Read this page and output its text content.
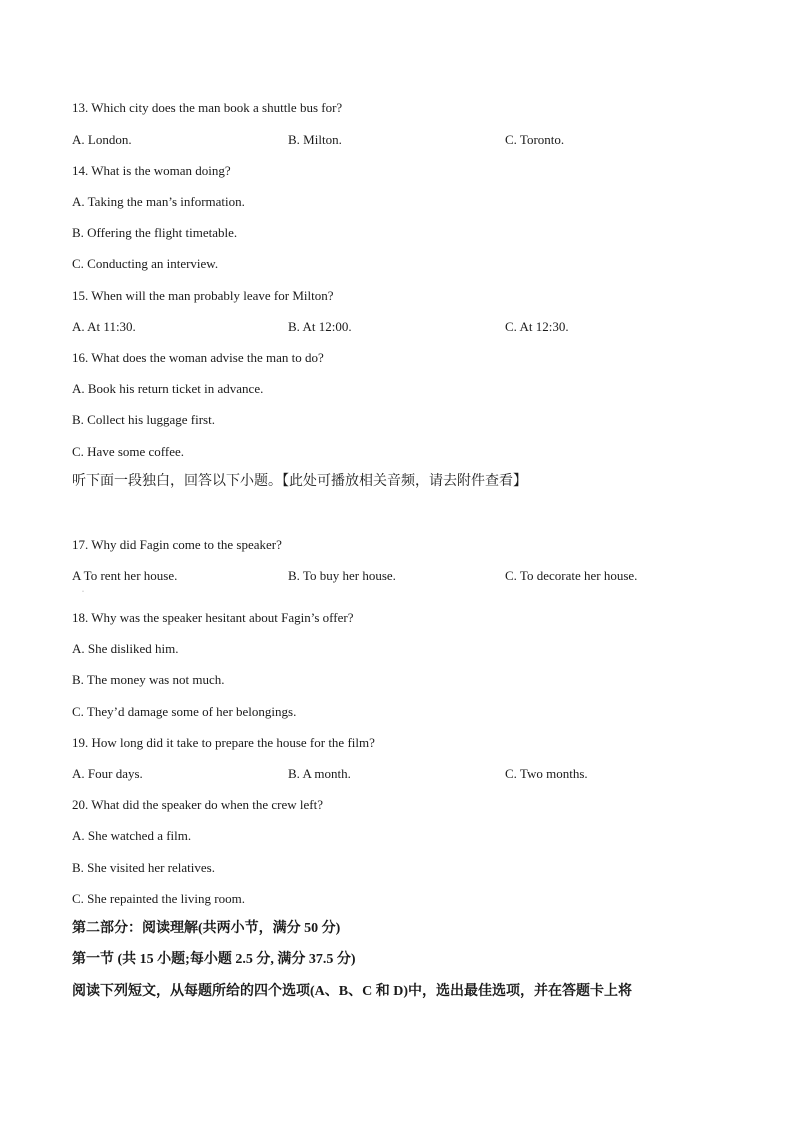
13. Which city does the man book a shuttle bus for?
A. London.	B. Milton.	C. Toronto.
14. What is the woman doing?
A. Taking the man’s information.
B. Offering the flight timetable.
C. Conducting an interview.
15. When will the man probably leave for Milton?
A. At 11:30.	B. At 12:00.	C. At 12:30.
16. What does the woman advise the man to do?
A. Book his return ticket in advance.
B. Collect his luggage first.
C. Have some coffee.
听下面一段独白，回答以下小题。【此处可播放相关音频，请去附件查看】
17. Why did Fagin come to the speaker?
A To rent her house.
·
B. To buy her house.	C. To decorate her house.
18. Why was the speaker hesitant about Fagin’s offer?
A. She disliked him.
B. The money was not much.
C. They’d damage some of her belongings.
19. How long did it take to prepare the house for the film?
A. Four days.	B. A month.	C. Two months.
20. What did the speaker do when the crew left?
A. She watched a film.
B. She visited her relatives.
C. She repainted the living room.
第二部分：阅读理解(共两小节，满分 50 分)
第一节 (共 15 小题;每小题 2.5 分, 满分 37.5 分)
阅读下列短文，从每题所给的四个选项(A、B、C 和 D)中，选出最佳选项，并在答题卡上将
